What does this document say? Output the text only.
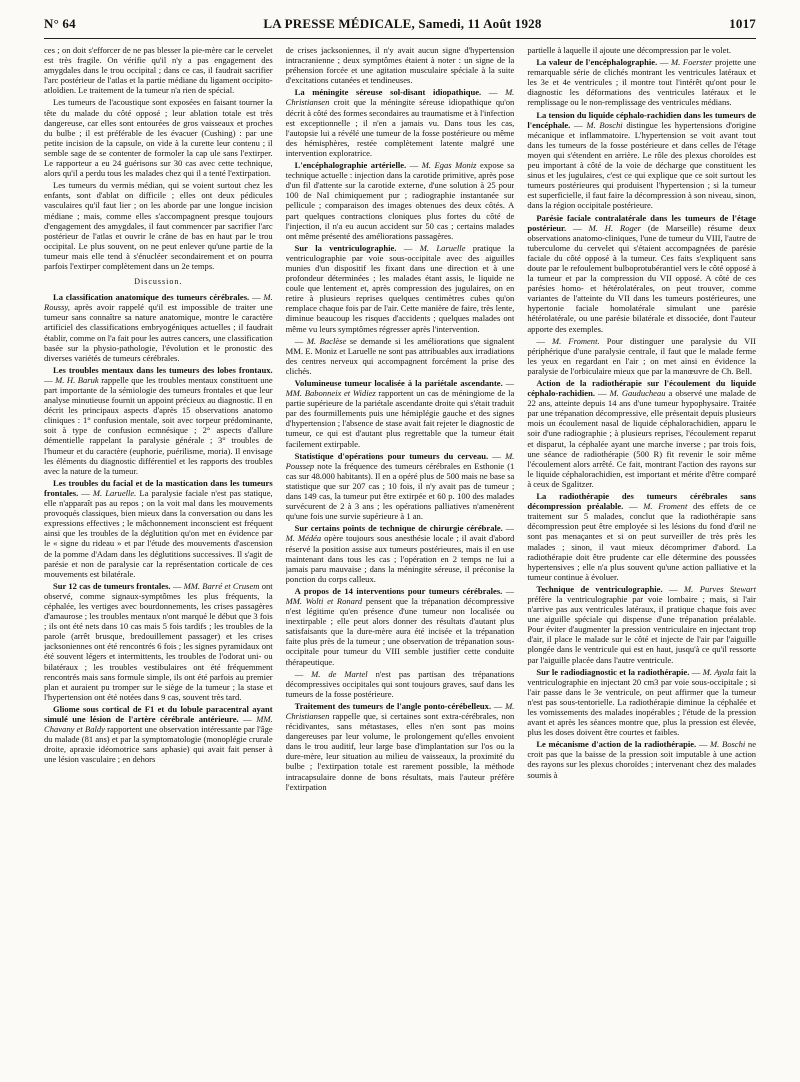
N° 64	LA PRESSE MÉDICALE, Samedi, 11 Août 1928	1017

ces ; on doit s'efforcer de ne pas blesser la pie-mère car le cervelet est très fragile. On vérifie qu'il n'y a pas engagement des amygdales dans le trou occipital ; dans ce cas, il faudrait sacrifier l'arc postérieur de l'atlas et la partie médiane du ligament occipito-atloïdien. Le traitement de la tumeur n'a rien de spécial.

Les tumeurs de l'acoustique sont exposées en faisant tourner la tête du malade du côté opposé ; leur ablation totale est très dangereuse, car elles sont entourées de gros vaisseaux et proches du bulbe ; il est préférable de les évacuer (Cushing) : par une petite incision de la capsule, on vide à la curette leur contenu ; il semble sage de se contenter de formoler la cap ule sans l'extirper. Le rapporteur a eu 24 guérisons sur 30 cas avec cette technique, alors qu'il a perdu tous les malades chez qui il a tenté l'extirpation.

Les tumeurs du vermis médian, qui se voient surtout chez les enfants, sont d'ablat on difficile ; elles ont deux pédicules vasculaires qu'il faut lier ; on les aborde par une longue incision médiane ; mais, comme elles s'accompagnent presque toujours d'engagement des amygdales, il faut commencer par sacrifier l'arc postérieur de l'atlas et ouvrir le crâne de bas en haut par le trou occipital. Le plus souvent, on ne peut enlever qu'une partie de la tumeur mais elle tend à s'énucléer secondairement et on pourra parfois l'extirper complètement dans un 2e temps.

Discussion.

La classification anatomique des tumeurs cérébrales. — M. Roussy, après avoir rappelé qu'il est impossible de traiter une tumeur sans connaître sa nature anatomique, montre le caractère artificiel des classifications embryogéniques actuelles ; il faudrait établir, comme on l'a fait pour les autres cancers, une classification basée sur la physio-pathologie, l'évolution et le pronostic des diverses variétés de tumeurs cérébrales.

Les troubles mentaux dans les tumeurs des lobes frontaux. — M. H. Baruk rappelle que les troubles mentaux constituent une part importante de la sémiologie des tumeurs frontales et que leur analyse minutieuse fournit un appoint précieux au diagnostic. Il en décrit les principaux aspects d'après 15 observations anatomo cliniques : 1° confusion mentale, soit avec torpeur prédominante, soit à type de confusion ecmnésique ; 2° aspects d'allure démentielle rappelant la paralysie générale ; 3° troubles de l'humeur et du caractère (euphorie, puérilisme, moria). Il envisage les éléments du diagnostic différentiel et les rapports des troubles avec la nature de la tumeur.

Les troubles du facial et de la mastication dans les tumeurs frontales. — M. Laruelle. La paralysie faciale n'est pas statique, elle n'apparaît pas au repos ; on la voit mal dans les mouvements provoqués classiques, bien mieux dans la conversation ou dans les expressions effectives ; le mâchonnement inconscient est fréquent ainsi que les troubles de la déglutition qu'on met en évidence par le « signe du rideau » et par l'étude des mouvements d'ascension de la pomme d'Adam dans les déglutitions successives. Il s'agit de parésie et non de paralysie car la représentation corticale de ces mouvements est bilatérale.

Sur 12 cas de tumeurs frontales. — MM. Barré et Crusem ont observé, comme signaux-symptômes les plus fréquents, la céphalée, les vertiges avec bourdonnements, les crises passagères d'amaurose ; les troubles mentaux n'ont marqué le début que 3 fois ; ils ont été nets dans 10 cas mais 5 fois tardifs ; les troubles de la parole (arrêt brusque, bredouillement passager) et les crises jacksoniennes ont été rencontrés 6 fois ; les signes pyramidaux ont été souvent légers et intermittents, les troubles de l'odorat uni- ou bilatéraux ; les troubles vestibulaires ont été fréquemment rencontrés mais sans formule simple, ils ont été parfois au premier plan et auraient pu tromper sur le siège de la tumeur ; la stase et l'hypertension ont été notées dans 9 cas, souvent très tard.

Gliome sous cortical de F1 et du lobule paracentral ayant simulé une lésion de l'artère cérébrale antérieure. — MM. Chavany et Baldy rapportent une observation intéressante par l'âge du malade (81 ans) et par la symptomatologie (monoplégie crurale droite, apraxie idéomotrice sans aphasie) qui avait fait penser à une lésion vasculaire ; en dehors

de crises jacksoniennes, il n'y avait aucun signe d'hypertension intracranienne ; deux symptômes étaient à noter : un signe de la préhension forcée et une agitation musculaire spéciale à la suite d'excitations cutanées et tendineuses.

La méningite séreuse sol-disant idiopathique. — M. Christiansen croit que la méningite séreuse idiopathique qu'on décrit à côté des formes secondaires au traumatisme et à l'infection est exceptionnelle ; il n'en a jamais vu. Dans tous les cas, l'autopsie lui a révélé une tumeur de la fosse postérieure ou même des hémisphères, restée complètement latente malgré une intervention exploratrice.

L'encéphalographie artérielle. — M. Egas Moniz expose sa technique actuelle : injection dans la carotide primitive, après pose d'un fil d'attente sur la carotide externe, d'une solution à 25 pour 100 de NaI chimiquement pur ; radiographie instantanée sur pellicule ; comparaison des images obtenues des deux côtés. A part quelques contractions cloniques plus fortes du côté de l'injection, il n'a eu aucun accident sur 50 cas ; certains malades ont même présenté des améliorations passagères.

Sur la ventriculographie. — M. Laruelle pratique la ventriculographie par voie sous-occipitale avec des aiguilles munies d'un dispositif les fixant dans une direction et à une profondeur déterminées ; les malades étant assis, le liquide ne coule que lentement et, après compression des jugulaires, on en retire à plusieurs reprises quelques centimètres cubes qu'on remplace chaque fois par de l'air. Cette manière de faire, très lente, diminue beaucoup les risques d'accidents ; quelques malades ont même vu leurs symptômes régresser après l'intervention.

— M. Baclèse se demande si les améliorations que signalent MM. E. Moniz et Laruelle ne sont pas attribuables aux irradiations des centres nerveux qui accompagnent forcément la prise des clichés.

Volumineuse tumeur localisée à la pariétale ascendante. — MM. Babonneix et Widiez rapportent un cas de méningiome de la partie supérieure de la pariétale ascendante droite qui s'était traduit par des fourmillements puis une hémiplégie gauche et des signes d'hypertension ; l'absence de stase avait fait rejeter le diagnostic de tumeur, ce qui est d'autant plus regrettable que la tumeur était facilement extirpable.

Statistique d'opérations pour tumeurs du cerveau. — M. Poussep note la fréquence des tumeurs cérébrales en Esthonie (1 cas sur 48.000 habitants). Il en a opéré plus de 500 mais ne base sa statistique que sur 207 cas ; 10 fois, il n'y avait pas de tumeur ; dans 149 cas, la tumeur put être extirpée et 60 p. 100 des malades survécurent de 2 à 3 ans ; les opérations palliatives n'amenèrent qu'une fois une survie supérieure à 1 an.

Sur certains points de technique de chirurgie cérébrale. — M. Médéa opère toujours sous anesthésie locale ; il avait d'abord réservé la position assise aux tumeurs postérieures, mais il en use maintenant dans tous les cas ; l'opération en 2 temps ne lui a jamais paru mauvaise ; dans la méningite séreuse, il préconise la ponction du corps calleux.

A propos de 14 interventions pour tumeurs cérébrales. — MM. Wolti et Ronard pensent que la trépanation décompressive n'est légitime qu'en présence d'une tumeur non localisée ou inextirpable ; elle peut alors donner des résultats d'autant plus satisfaisants que la dure-mère aura été incisée et la trépanation faite plus près de la tumeur ; une observation de trépanation sous-occipitale pour tumeur du VIII semble justifier cette conduite thérapeutique.

— M. de Martel n'est pas partisan des trépanations décompressives occipitales qui sont toujours graves, sauf dans les tumeurs de la fosse postérieure.

Traitement des tumeurs de l'angle ponto-cérébelleux. — M. Christiansen rappelle que, si certaines sont extra-cérébrales, non récidivantes, sans métastases, elles n'en sont pas moins dangereuses par leur volume, le prolongement qu'elles envoient dans le trou auditif, leur large base d'implantation sur l'os ou la dure-mère, leur situation au milieu de vaisseaux, la proximité du bulbe ; l'extirpation totale est rarement possible, la méthode intracapsulaire donne de bons résultats, mais l'auteur préfère l'extirpation

partielle à laquelle il ajoute une décompression par le volet.

La valeur de l'encéphalographie. — M. Foerster projette une remarquable série de clichés montrant les ventricules latéraux et les 3e et 4e ventricules ; il montre tout l'intérêt qu'ont pour le diagnostic les déformations des ventricules latéraux et le remplissage ou le non-remplissage des ventricules médians.

La tension du liquide céphalo-rachidien dans les tumeurs de l'encéphale. — M. Boschi distingue les hypertensions d'origine mécanique et inflammatoire. L'hypertension se voit avant tout dans les tumeurs de la fosse postérieure et dans celles de l'étage moyen qui s'étendent en arrière. Le rôle des plexus choroïdes est peu important à côté de la voie de décharge que constituent les sinus et les jugulaires, c'est ce qui explique que ce soit surtout les tumeurs postérieures qui produisent l'hypertension ; si la tumeur est superficielle, il faut faire la décompression à son niveau, sinon, dans la région occipitale postérieure.

Parésie faciale contralatérale dans les tumeurs de l'étage postérieur. — M. H. Roger (de Marseille) résume deux observations anatomo-cliniques, l'une de tumeur du VIII, l'autre de tuberculome du cervelet qui s'étaient accompagnées de parésie faciale du côté opposé à la tumeur. Ces faits s'expliquent sans doute par le refoulement bulboprotubérantiel vers le côté opposé à la tumeur et par la compression du VII opposé. A côté de ces parésies homo- et hétérolatérales, on peut trouver, comme variantes de l'atteinte du VII dans les tumeurs postérieures, une hypertonie faciale homolatérale simulant une parésie hétérolatérale, ou une parésie bilatérale et dissociée, dont l'auteur apporte des exemples.

— M. Froment. Pour distinguer une paralysie du VII périphérique d'une paralysie centrale, il faut que le malade ferme les yeux en regardant en l'air ; on met ainsi en évidence la paralysie de l'orbiculaire mieux que par la manœuvre de Ch. Bell.

Action de la radiothérapie sur l'écoulement du liquide céphalo-rachidien. — M. Gauducheau a observé une malade de 22 ans, atteinte depuis 14 ans d'une tumeur hypophysaire. Traitée par une trépanation décompressive, elle présentait depuis plusieurs mois un écoulement nasal de liquide céphalorachidien, apparu le soir d'une radiographie ; à plusieurs reprises, l'écoulement reparut et disparut, la céphalée ayant une marche inverse ; par trois fois, une séance de radiothérapie (500 R) fit revenir le soir même l'écoulement alors arrêté. Ce fait, montrant l'action des rayons sur le liquide céphalorachidien, est important et mérite d'être comparé à ceux de Sgalitzer.

La radiothérapie des tumeurs cérébrales sans décompression préalable. — M. Froment des effets de ce traitement sur 5 malades, conclut que la radiothérapie sans décompression peut être employée si les lésions du fond d'œil ne sont pas menaçantes et si on peut surveiller de très près les malades ; sinon, il vaut mieux décomprimer d'abord. La radiothérapie doit être prudente car elle détermine des poussées hypertensives ; elle n'a plus souvent qu'une action palliative et la tumeur continue à évoluer.

Technique de ventriculographie. — M. Purves Stewart préfère la ventriculographie par voie lombaire ; mais, si l'air n'arrive pas aux ventricules latéraux, il pratique chaque fois avec une aiguille spéciale qui dispense d'une trépanation préalable. Pour éviter d'augmenter la pression ventriculaire en injectant trop d'air, il place le malade sur le côté et injecte de l'air par l'aiguille plongée dans le ventricule qui est en haut, jusqu'à ce qu'il ressorte par l'aiguille placée dans l'autre ventricule.

Sur le radiodiagnostic et la radiothérapie. — M. Ayala fait la ventriculographie en injectant 20 cm3 par voie sous-occipitale ; si l'air passe dans le 3e ventricule, on peut affirmer que la tumeur n'est pas sous-tentorielle. La radiothérapie diminue la céphalée et les vomissements des malades inopérables ; l'étude de la pression avant et après les séances montre que, plus la pression est élevée, plus les doses doivent être courtes et faibles.

Le mécanisme d'action de la radiothérapie. — M. Boschi ne croit pas que la baisse de la pression soit imputable à une action des rayons sur les plexus choroïdes ; intervenant chez des malades soumis à
